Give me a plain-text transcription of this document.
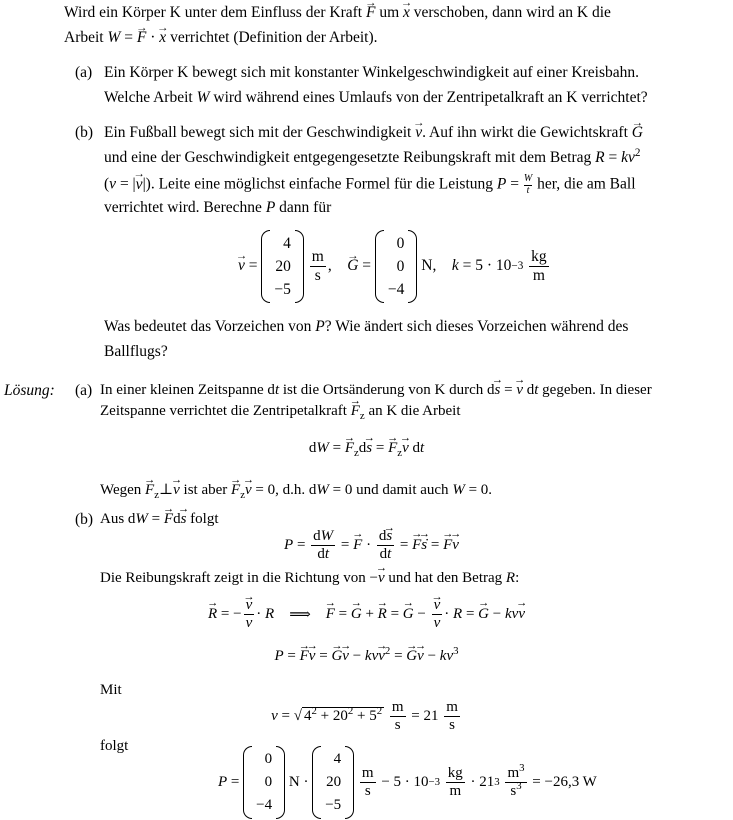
Wird ein Körper K unter dem Einfluss der Kraft → F um → x verschoben, dann wird an K die
Arbeit W = → F · → x verrichtet (Definition der Arbeit).
(a) Ein Körper K bewegt sich mit konstanter Winkelgeschwindigkeit auf einer Kreisbahn.
Welche Arbeit W wird während eines Umlaufs von der Zentripetalkraft an K verrichtet?
(b) Ein Fußball bewegt sich mit der Geschwindigkeit → v. Auf ihn wirkt die Gewichtskraft → G
und eine der Geschwindigkeit entgegengesetzte Reibungskraft mit dem Betrag $R = kv^2$
(v = |→ v|). Leite eine möglichst einfache Formel für die Leistung $P = \frac{W}{t}$ her, die am Ball
verrichtet wird. Berechne P dann für
→ v =
4
20
−5

$\frac{m}{s}$ , → G =
0
0
−4

N,
k
= 5 · 10 −3
$\frac{kg}{m}$
Was bedeutet das Vorzeichen von P? Wie ändert sich dieses Vorzeichen während des
Ballflugs?
Lösung: (a) In einer kleinen Zeitspanne dt ist die Ortsänderung von K durch d→ s = → v dt gegeben. In dieser
Zeitspanne verrichtet die Zentripetalkraft → $F_z$ an K die Arbeit
dW = → $F_zd\to s$ = → $F_z\to v$ dt
Wegen → $F_z\perp\to v$ ist aber → $F_z\to v = 0$, d.h. dW = 0 und damit auch W = 0.
(b) Aus dW = → Fd→ s folgt
$P = \frac{dW}{dt}$ = → $F \cdot \frac{d\to s}{dt}$ = → F → s ̇ = → F → v
Die Reibungskraft zeigt in die Richtung von −→ v und hat den Betrag R:
→ R = − → $\frac{v}{v} \cdot R$ ⟹ → F = → G + → R = → G − → $\frac{v}{v} \cdot R$ = → G − kv → v
P = → F→ v = → $G\to v - kv\to v^2$ = → $G\to v - kv^3$
Mit
v = √ $4^2 + 20^2 + 5^2$
$\frac{m}{s}$
= 21
$\frac{m}{s}$
folgt
P =
0
0
−4
N ·
4
20
−5

$\frac{m}{s} - 5 \cdot 10 -3$
$\frac{kg}{m}$
· 21 3
$\frac{m^3}{s^3}$
= −26,3 W
